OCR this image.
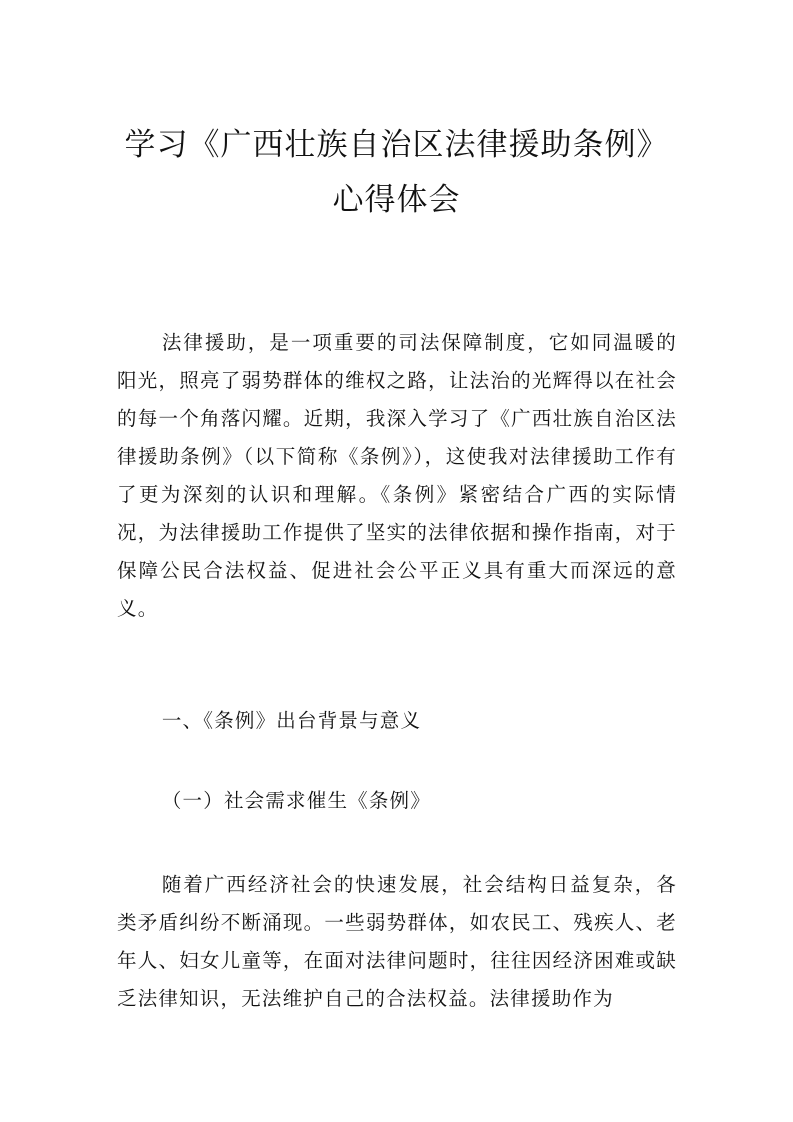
学习《广西壮族自治区法律援助条例》心得体会

法律援助，是一项重要的司法保障制度，它如同温暖的阳光，照亮了弱势群体的维权之路，让法治的光辉得以在社会的每一个角落闪耀。近期，我深入学习了《广西壮族自治区法律援助条例》（以下简称《条例》），这使我对法律援助工作有了更为深刻的认识和理解。《条例》紧密结合广西的实际情况，为法律援助工作提供了坚实的法律依据和操作指南，对于保障公民合法权益、促进社会公平正义具有重大而深远的意义。

一、《条例》出台背景与意义

（一）社会需求催生《条例》

随着广西经济社会的快速发展，社会结构日益复杂，各类矛盾纠纷不断涌现。一些弱势群体，如农民工、残疾人、老年人、妇女儿童等，在面对法律问题时，往往因经济困难或缺乏法律知识，无法维护自己的合法权益。法律援助作为
